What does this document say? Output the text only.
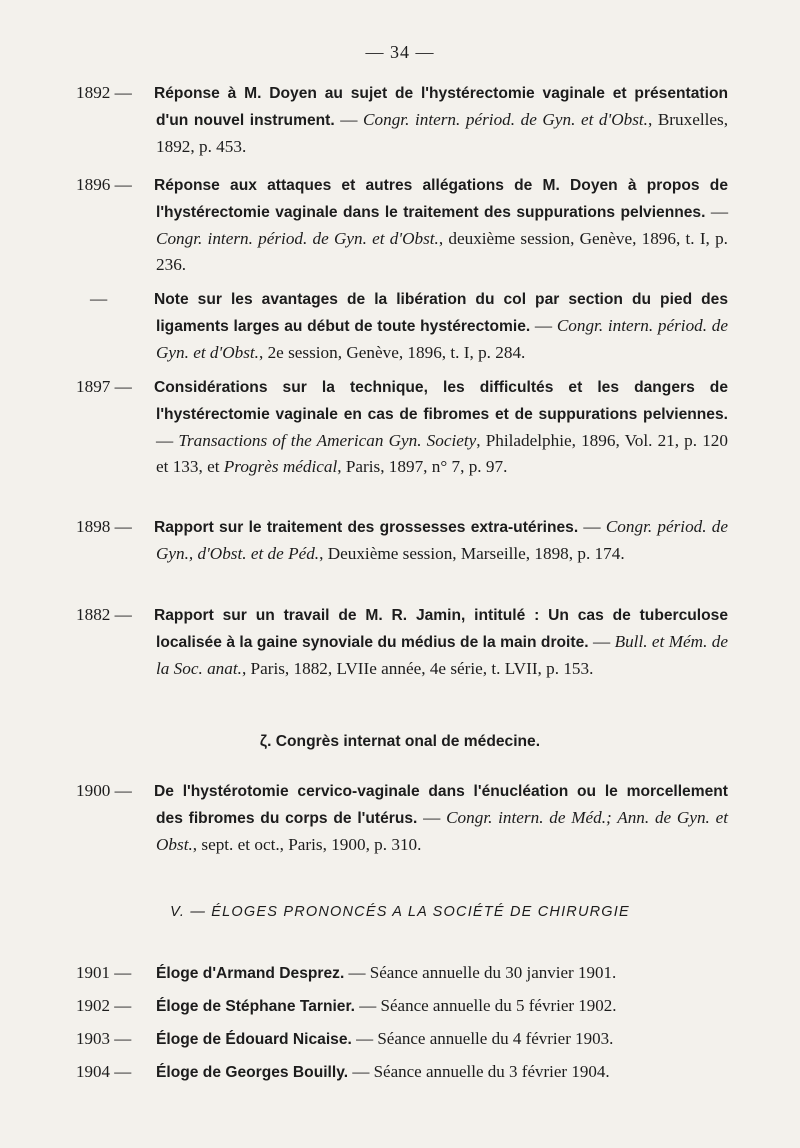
— 34 —
1892 —	Réponse à M. Doyen au sujet de l'hystérectomie vaginale et présentation d'un nouvel instrument. — Congr. intern. périod. de Gyn. et d'Obst., Bruxelles, 1892, p. 453.
1896 —	Réponse aux attaques et autres allégations de M. Doyen à propos de l'hystérectomie vaginale dans le traitement des suppurations pelviennes. — Congr. intern. périod. de Gyn. et d'Obst., deuxième session, Genève, 1896, t. I, p. 236.
—	Note sur les avantages de la libération du col par section du pied des ligaments larges au début de toute hystérectomie. — Congr. intern. périod. de Gyn. et d'Obst., 2e session, Genève, 1896, t. I, p. 284.
1897 —	Considérations sur la technique, les difficultés et les dangers de l'hystérectomie vaginale en cas de fibromes et de suppurations pelviennes. — Transactions of the American Gyn. Society, Philadelphie, 1896, Vol. 21, p. 120 et 133, et Progrès médical, Paris, 1897, n° 7, p. 97.
1898 —	Rapport sur le traitement des grossesses extra-utérines. — Congr. périod. de Gyn., d'Obst. et de Péd., Deuxième session, Marseille, 1898, p. 174.
1882 —	Rapport sur un travail de M. R. Jamin, intitulé : Un cas de tuberculose localisée à la gaine synoviale du médius de la main droite. — Bull. et Mém. de la Soc. anat., Paris, 1882, LVIIe année, 4e série, t. LVII, p. 153.
ζ. Congrès internat onal de médecine.
1900 —	De l'hystérotomie cervico-vaginale dans l'énucléation ou le morcellement des fibromes du corps de l'utérus. — Congr. intern. de Méd.; Ann. de Gyn. et Obst., sept. et oct., Paris, 1900, p. 310.
V. — ÉLOGES PRONONCÉS A LA SOCIÉTÉ DE CHIRURGIE
1901 — Éloge d'Armand Desprez. — Séance annuelle du 30 janvier 1901.
1902 — Éloge de Stéphane Tarnier. — Séance annuelle du 5 février 1902.
1903 — Éloge de Édouard Nicaise. — Séance annuelle du 4 février 1903.
1904 — Éloge de Georges Bouilly. — Séance annuelle du 3 février 1904.
